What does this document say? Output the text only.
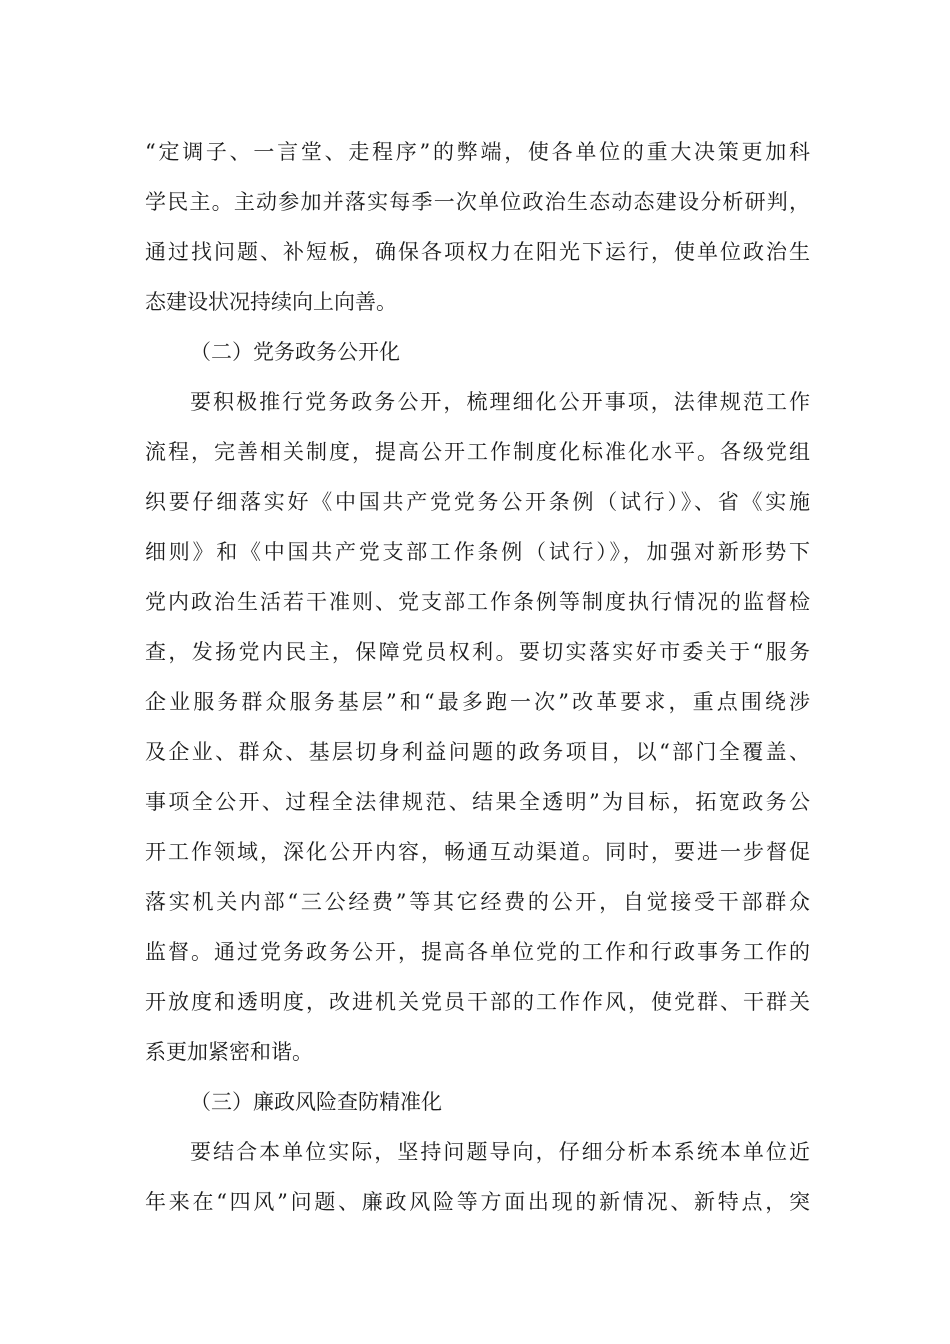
“定调子、一言堂、走程序”的弊端，使各单位的重大决策更加科
学民主。主动参加并落实每季一次单位政治生态动态建设分析研判，
通过找问题、补短板，确保各项权力在阳光下运行，使单位政治生
态建设状况持续向上向善。
（二）党务政务公开化
要积极推行党务政务公开，梳理细化公开事项，法律规范工作
流程，完善相关制度，提高公开工作制度化标准化水平。各级党组
织要仔细落实好《中国共产党党务公开条例（试行）》、省《实施
细则》和《中国共产党支部工作条例（试行）》，加强对新形势下
党内政治生活若干准则、党支部工作条例等制度执行情况的监督检
查，发扬党内民主，保障党员权利。要切实落实好市委关于“服务
企业服务群众服务基层”和“最多跑一次”改革要求，重点围绕涉
及企业、群众、基层切身利益问题的政务项目，以“部门全覆盖、
事项全公开、过程全法律规范、结果全透明”为目标，拓宽政务公
开工作领域，深化公开内容，畅通互动渠道。同时，要进一步督促
落实机关内部“三公经费”等其它经费的公开，自觉接受干部群众
监督。通过党务政务公开，提高各单位党的工作和行政事务工作的
开放度和透明度，改进机关党员干部的工作作风，使党群、干群关
系更加紧密和谐。
（三）廉政风险查防精准化
要结合本单位实际，坚持问题导向，仔细分析本系统本单位近
年来在“四风”问题、廉政风险等方面出现的新情况、新特点，突
